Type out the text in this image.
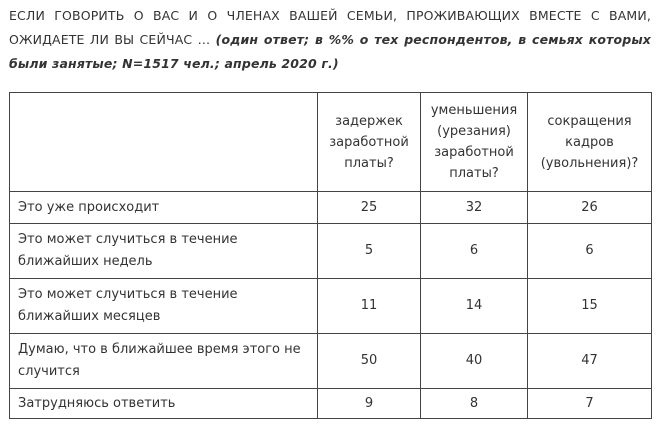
ЕСЛИ ГОВОРИТЬ О ВАС И О ЧЛЕНАХ ВАШЕЙ СЕМЬИ, ПРОЖИВАЮЩИХ ВМЕСТЕ С ВАМИ, ОЖИДАЕТЕ ЛИ ВЫ СЕЙЧАС … (один ответ; в %% о тех респондентов, в семьях которых были занятые; N=1517 чел.; апрель 2020 г.)
	задержек заработной платы?	уменьшения (урезания) заработной платы?	сокращения кадров (увольнения)?
Это уже происходит	25	32	26
Это может случиться в течение ближайших недель	5	6	6
Это может случиться в течение ближайших месяцев	11	14	15
Думаю, что в ближайшее время этого не случится	50	40	47
Затрудняюсь ответить	9	8	7
